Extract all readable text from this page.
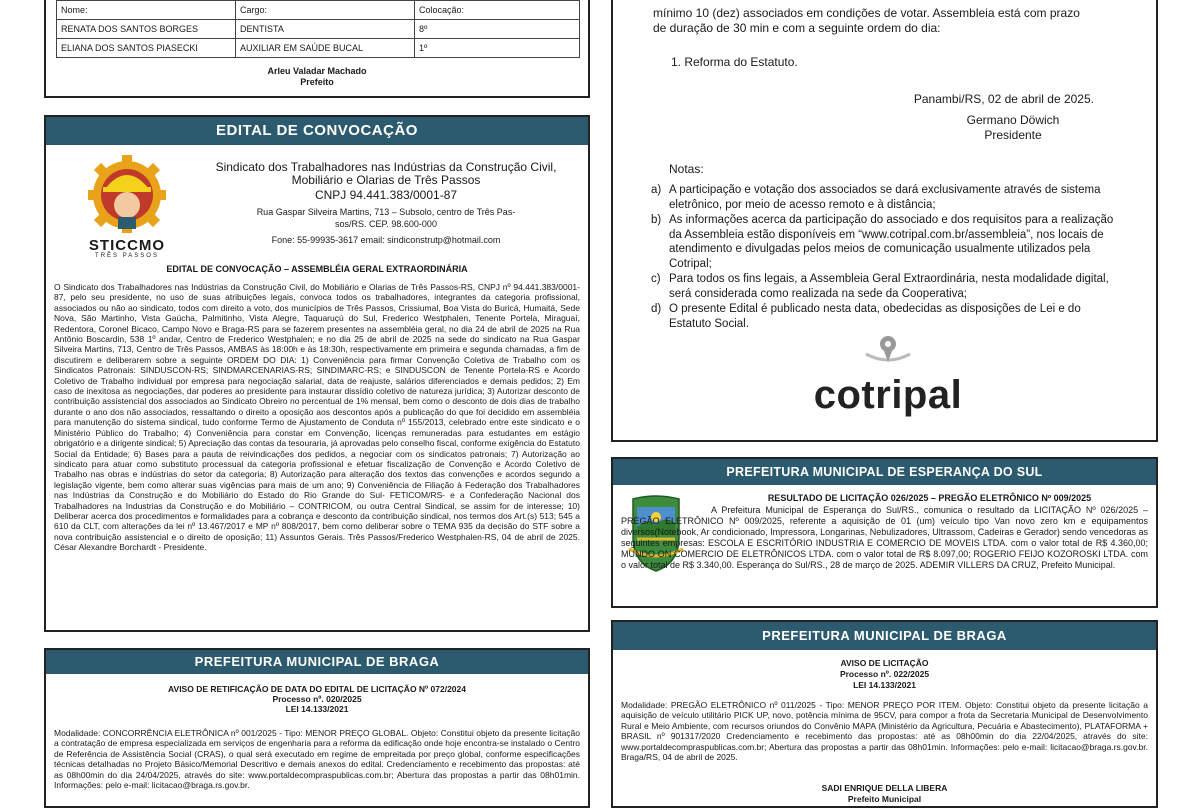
Nome:	Cargo:	Colocação:
RENATA DOS SANTOS BORGES	DENTISTA	8º
ELIANA DOS SANTOS PIASECKI	AUXILIAR EM SAÚDE BUCAL	1º
Arleu Valadar Machado
Prefeito
EDITAL DE CONVOCAÇÃO
STICCMO
TRÊS PASSOS
Sindicato dos Trabalhadores nas Indústrias da Construção Civil, Mobiliário e Olarias de Três Passos
CNPJ 94.441.383/0001-87
Rua Gaspar Silveira Martins, 713 – Subsolo, centro de Três Pas-
sos/RS. CEP. 98.600-000
Fone: 55-99935-3617 email: sindiconstrutp@hotmail.com
EDITAL DE CONVOCAÇÃO – ASSEMBLÉIA GERAL EXTRAORDINÁRIA

O Sindicato dos Trabalhadores nas Indústrias da Construção Civil, do Mobiliário e Olarias de Três Passos-RS, CNPJ nº 94.441.383/0001-87, pelo seu presidente, no uso de suas atribuições legais, convoca todos os trabalhadores, integrantes da categoria profissional, associados ou não ao sindicato, todos com direito a voto, dos municípios de Três Passos, Crissiumal, Boa Vista do Buricá, Humaitá, Sede Nova, São Martinho, Vista Gaúcha, Palmitinho, Vista Alegre, Taquaruçú do Sul, Frederico Westphalen, Tenente Portela, Miraguaí, Redentora, Coronel Bicaco, Campo Novo e Braga-RS para se fazerem presentes na assembléia geral, no dia 24 de abril de 2025 na Rua Antônio Boscardin, 538 1º andar, Centro de Frederico Westphalen; e no dia 25 de abril de 2025 na sede do sindicato na Rua Gaspar Silveira Martins, 713, Centro de Três Passos, AMBAS às 18:00h e às 18:30h, respectivamente em primeira e segunda chamadas, a fim de discutirem e deliberarem sobre a seguinte ORDEM DO DIA: 1) Conveniência para firmar Convenção Coletiva de Trabalho com os Sindicatos Patronais: SINDUSCON-RS; SINDMARCENARIAS-RS; SINDIMARC-RS; e SINDUSCON de Tenente Portela-RS e Acordo Coletivo de Trabalho individual por empresa para negociação salarial, data de reajuste, salários diferenciados e demais pedidos; 2) Em caso de inexitosa as negociações, dar poderes ao presidente para instaurar dissídio coletivo de natureza jurídica; 3) Autorizar desconto de contribuição assistencial dos associados ao Sindicato Obreiro no percentual de 1% mensal, bem como o desconto de dois dias de trabalho durante o ano dos não associados, ressaltando o direito a oposição aos descontos após a publicação do que foi decidido em assembléia para manutenção do sistema sindical, tudo conforme Termo de Ajustamento de Conduta nº 155/2013, celebrado entre este sindicato e o Ministério Público do Trabalho; 4) Conveniência para constar em Convenção, licenças remuneradas para estudantes em estágio obrigatório e a dirigente sindical; 5) Apreciação das contas da tesouraria, já aprovadas pelo conselho fiscal, conforme exigência do Estatuto Social da Entidade; 6) Bases para a pauta de reivindicações dos pedidos, a negociar com os sindicatos patronais; 7) Autorização ao sindicato para atuar como substituto processual da categoria profissional e efetuar fiscalização de Convenção e Acordo Coletivo de Trabalho nas obras e indústrias do setor da categoria; 8) Autorização para alteração dos textos das convenções e acordos segundo a legislação vigente, bem como alterar suas vigências para mais de um ano; 9) Conveniência de Filiação à Federação dos Trabalhadores nas Indústrias da Construção e do Mobiliário do Estado do Rio Grande do Sul- FETICOM/RS- e a Confederação Nacional dos Trabalhadores na Industrias da Construção e do Mobiliário – CONTRICOM, ou outra Central Sindical, se assim for de interesse; 10) Deliberar acerca dos procedimentos e formalidades para a cobrança e desconto da contribuição sindical, nos termos dos Art.(s) 513; 545 a 610 da CLT, com alterações da lei nº 13.467/2017 e MP nº 808/2017, bem como deliberar sobre o TEMA 935 da decisão do STF sobre a nova contribuição assistencial e o direito de oposição; 11) Assuntos Gerais. Três Passos/Frederico Westphalen-RS, 04 de abril de 2025. César Alexandre Borchardt - Presidente.

PREFEITURA MUNICIPAL DE BRAGA
AVISO DE RETIFICAÇÃO DE DATA DO EDITAL DE LICITAÇÃO Nº 072/2024
Processo nº. 020/2025
LEI 14.133/2021

Modalidade: CONCORRÊNCIA ELETRÔNICA nº 001/2025 - Tipo: MENOR PREÇO GLOBAL. Objeto: Constitui objeto da presente licitação a contratação de empresa especializada em serviços de engenharia para a reforma da edificação onde hoje encontra-se instalado o Centro de Referência de Assistência Social (CRAS), o qual será executado em regime de empreitada por preço global, conforme especificações técnicas detalhadas no Projeto Básico/Memorial Descritivo e demais anexos do edital. Credenciamento e recebimento das propostas: até as 08h00min do dia 24/04/2025, através do site: www.portaldecompraspublicas.com.br; Abertura das propostas a partir das 08h01min. Informações: pelo e-mail: licitacao@braga.rs.gov.br.

mínimo 10 (dez) associados em condições de votar. Assembleia está com prazo
de duração de 30 min e com a seguinte ordem do dia:
1. Reforma do Estatuto.
Panambi/RS, 02 de abril de 2025.
Germano Döwich
Presidente
Notas:
a) A participação e votação dos associados se dará exclusivamente através de sistema eletrônico, por meio de acesso remoto e à distância;
b) As informações acerca da participação do associado e dos requisitos para a realização da Assembleia estão disponíveis em “www.cotripal.com.br/assembleia”, nos locais de atendimento e divulgadas pelos meios de comunicação usualmente utilizados pela Cotripal;
c) Para todos os fins legais, a Assembleia Geral Extraordinária, nesta modalidade digital, será considerada como realizada na sede da Cooperativa;
d) O presente Edital é publicado nesta data, obedecidas as disposições de Lei e do Estatuto Social.
cotripal
PREFEITURA MUNICIPAL DE ESPERANÇA DO SUL
RESULTADO DE LICITAÇÃO 026/2025 – PREGÃO ELETRÔNICO Nº 009/2025

A Prefeitura Municipal de Esperança do Sul/RS., comunica o resultado da LICITAÇÃO Nº 026/2025 – PREGÃO ELETRÔNICO Nº 009/2025, referente a aquisição de 01 (um) veículo tipo Van novo zero km e equipamentos diversos(Notebook, Ar condicionado, Impressora, Longarinas, Nebulizadores, Ultrassom, Cadeiras e Gerador) sendo vencedoras as seguintes empresas: ESCOLA E ESCRITÓRIO INDUSTRIA E COMERCIO DE MOVEIS LTDA. com o valor total de R$ 4.360,00; MUNDO ON COMERCIO DE ELETRÔNICOS LTDA. com o valor total de R$ 8.097,00; ROGERIO FEIJO KOZOROSKI LTDA. com o valor total de R$ 3.340,00. Esperança do Sul/RS., 28 de março de 2025. ADEMIR VILLERS DA CRUZ, Prefeito Municipal.

PREFEITURA MUNICIPAL DE BRAGA
AVISO DE LICITAÇÃO
Processo nº. 022/2025
LEI 14.133/2021

Modalidade: PREGÃO ELETRÔNICO nº 011/2025 - Tipo: MENOR PREÇO POR ITEM. Objeto: Constitui objeto da presente licitação a aquisição de veículo utilitário PICK UP, novo, potência mínima de 95CV, para compor a frota da Secretaria Municipal de Desenvolvimento Rural e Meio Ambiente, com recursos oriundos do Convênio MAPA (Ministério da Agricultura, Pecuária e Abastecimento), PLATAFORMA + BRASIL nº 901317/2020 Credenciamento e recebimento das propostas: até as 08h00min do dia 22/04/2025, através do site: www.portaldecompraspublicas.com.br; Abertura das propostas a partir das 08h01min. Informações: pelo e-mail: licitacao@braga.rs.gov.br. Braga/RS, 04 de abril de 2025.

SADI ENRIQUE DELLA LIBERA
Prefeito Municipal
